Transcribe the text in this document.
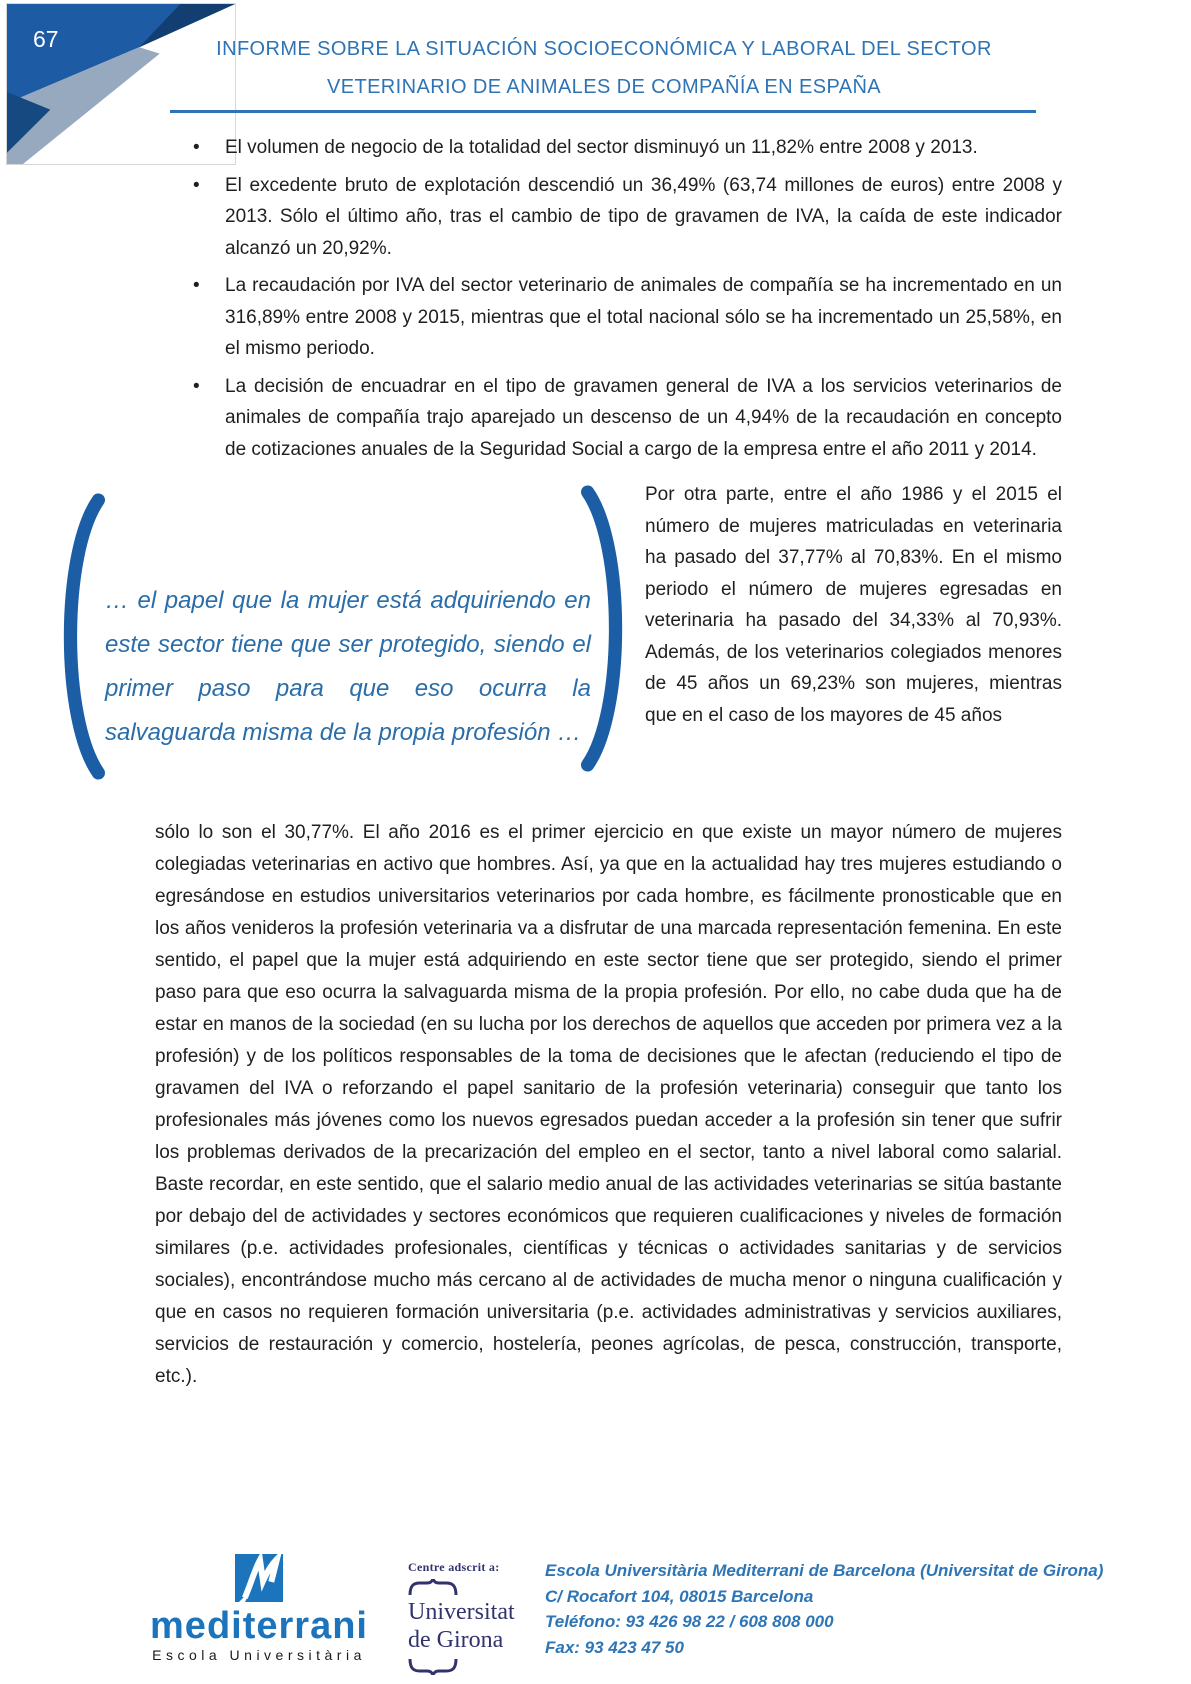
67	INFORME SOBRE LA SITUACIÓN SOCIOECONÓMICA Y LABORAL DEL SECTOR
VETERINARIO DE ANIMALES DE COMPAÑÍA EN ESPAÑA
• El volumen de negocio de la totalidad del sector disminuyó un 11,82% entre 2008 y 2013.
• El excedente bruto de explotación descendió un 36,49% (63,74 millones de euros) entre 2008 y 2013. Sólo el último año, tras el cambio de tipo de gravamen de IVA, la caída de este indicador alcanzó un 20,92%.
• La recaudación por IVA del sector veterinario de animales de compañía se ha incrementado en un 316,89% entre 2008 y 2015, mientras que el total nacional sólo se ha incrementado un 25,58%, en el mismo periodo.
• La decisión de encuadrar en el tipo de gravamen general de IVA a los servicios veterinarios de animales de compañía trajo aparejado un descenso de un 4,94% de la recaudación en concepto de cotizaciones anuales de la Seguridad Social a cargo de la empresa entre el año 2011 y 2014.
… el papel que la mujer está adquiriendo en este sector tiene que ser protegido, siendo el primer paso para que eso ocurra la salvaguarda misma de la propia profesión …
Por otra parte, entre el año 1986 y el 2015 el número de mujeres matriculadas en veterinaria ha pasado del 37,77% al 70,83%. En el mismo periodo el número de mujeres egresadas en veterinaria ha pasado del 34,33% al 70,93%. Además, de los veterinarios colegiados menores de 45 años un 69,23% son mujeres, mientras que en el caso de los mayores de 45 años
sólo lo son el 30,77%. El año 2016 es el primer ejercicio en que existe un mayor número de mujeres colegiadas veterinarias en activo que hombres. Así, ya que en la actualidad hay tres mujeres estudiando o egresándose en estudios universitarios veterinarios por cada hombre, es fácilmente pronosticable que en los años venideros la profesión veterinaria va a disfrutar de una marcada representación femenina. En este sentido, el papel que la mujer está adquiriendo en este sector tiene que ser protegido, siendo el primer paso para que eso ocurra la salvaguarda misma de la propia profesión. Por ello, no cabe duda que ha de estar en manos de la sociedad (en su lucha por los derechos de aquellos que acceden por primera vez a la profesión) y de los políticos responsables de la toma de decisiones que le afectan (reduciendo el tipo de gravamen del IVA o reforzando el papel sanitario de la profesión veterinaria) conseguir que tanto los profesionales más jóvenes como los nuevos egresados puedan acceder a la profesión sin tener que sufrir los problemas derivados de la precarización del empleo en el sector, tanto a nivel laboral como salarial. Baste recordar, en este sentido, que el salario medio anual de las actividades veterinarias se sitúa bastante por debajo del de actividades y sectores económicos que requieren cualificaciones y niveles de formación similares (p.e. actividades profesionales, científicas y técnicas o actividades sanitarias y de servicios sociales), encontrándose mucho más cercano al de actividades de mucha menor o ninguna cualificación y que en casos no requieren formación universitaria (p.e. actividades administrativas y servicios auxiliares, servicios de restauración y comercio, hostelería, peones agrícolas, de pesca, construcción, transporte, etc.).
mediterrani
Escola Universitària
Centre adscrit a:
Universitat
de Girona
Escola Universitària Mediterrani de Barcelona (Universitat de Girona)
C/ Rocafort 104, 08015 Barcelona
Teléfono: 93 426 98 22 / 608 808 000
Fax: 93 423 47 50
